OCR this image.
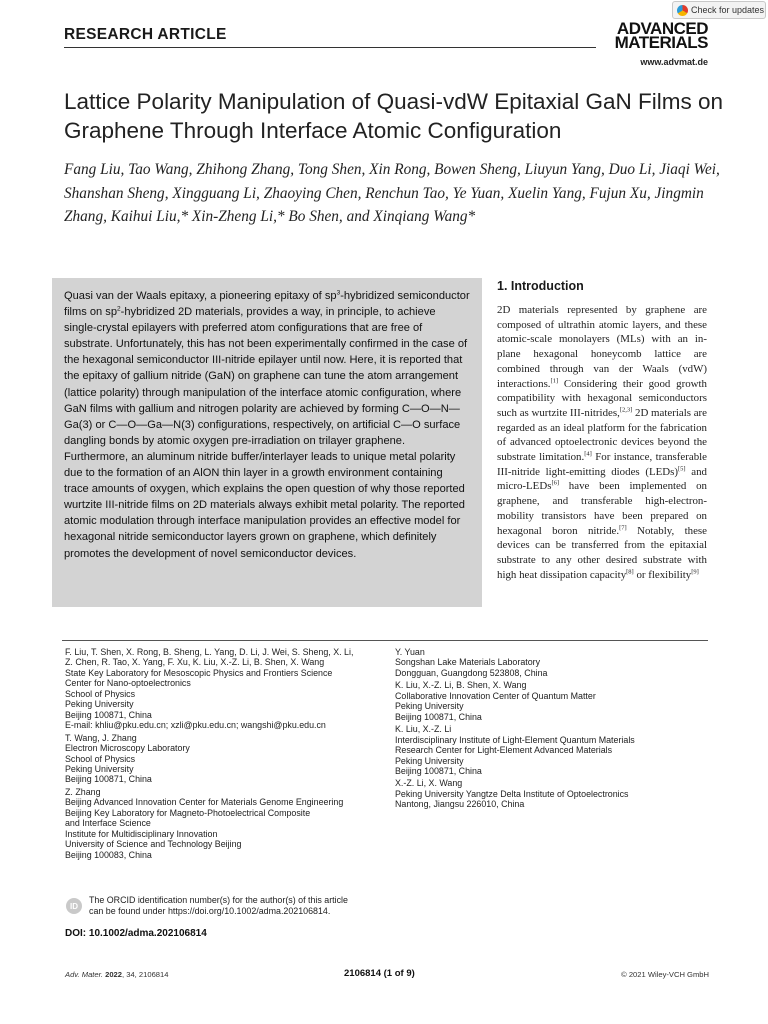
Check for updates
RESEARCH ARTICLE	ADVANCED
MATERIALS
www.advmat.de
Lattice Polarity Manipulation of Quasi-vdW Epitaxial GaN Films on Graphene Through Interface Atomic Configuration
Fang Liu, Tao Wang, Zhihong Zhang, Tong Shen, Xin Rong, Bowen Sheng, Liuyun Yang, Duo Li, Jiaqi Wei, Shanshan Sheng, Xingguang Li, Zhaoying Chen, Renchun Tao, Ye Yuan, Xuelin Yang, Fujun Xu, Jingmin Zhang, Kaihui Liu,* Xin-Zheng Li,* Bo Shen, and Xinqiang Wang*
Quasi van der Waals epitaxy, a pioneering epitaxy of $sp^3$-hybridized semiconductor films on $sp^2$-hybridized 2D materials, provides a way, in principle, to achieve single-crystal epilayers with preferred atom configurations that are free of substrate. Unfortunately, this has not been experimentally confirmed in the case of the hexagonal semiconductor III-nitride epilayer until now. Here, it is reported that the epitaxy of gallium nitride (GaN) on graphene can tune the atom arrangement (lattice polarity) through manipulation of the interface atomic configuration, where GaN films with gallium and nitrogen polarity are achieved by forming C—O—N—Ga(3) or C—O—Ga—N(3) configurations, respectively, on artificial C—O surface dangling bonds by atomic oxygen pre-irradiation on trilayer graphene. Furthermore, an aluminum nitride buffer/interlayer leads to unique metal polarity due to the formation of an AlON thin layer in a growth environment containing trace amounts of oxygen, which explains the open question of why those reported wurtzite III-nitride films on 2D materials always exhibit metal polarity. The reported atomic modulation through interface manipulation provides an effective model for hexagonal nitride semiconductor layers grown on graphene, which definitely promotes the development of novel semiconductor devices.
1. Introduction
2D materials represented by graphene are composed of ultrathin atomic layers, and these atomic-scale monolayers (MLs) with an in-plane hexagonal honeycomb lattice are combined through van der Waals (vdW) interactions.[1] Considering their good growth compatibility with hexagonal semiconductors such as wurtzite III-nitrides,[2,3] 2D materials are regarded as an ideal platform for the fabrication of advanced optoelectronic devices beyond the substrate limitation.[4] For instance, transferable III-nitride light-emitting diodes (LEDs)[5] and micro-LEDs[6] have been implemented on graphene, and transferable high-electron-mobility transistors have been prepared on hexagonal boron nitride.[7] Notably, these devices can be transferred from the epitaxial substrate to any other desired substrate with high heat dissipation capacity[8] or flexibility[9]
F. Liu, T. Shen, X. Rong, B. Sheng, L. Yang, D. Li, J. Wei, S. Sheng, X. Li,
Z. Chen, R. Tao, X. Yang, F. Xu, K. Liu, X.-Z. Li, B. Shen, X. Wang
State Key Laboratory for Mesoscopic Physics and Frontiers Science
Center for Nano-optoelectronics
School of Physics
Peking University
Beijing 100871, China
E-mail: khliu@pku.edu.cn; xzli@pku.edu.cn; wangshi@pku.edu.cn
T. Wang, J. Zhang
Electron Microscopy Laboratory
School of Physics
Peking University
Beijing 100871, China
Z. Zhang
Beijing Advanced Innovation Center for Materials Genome Engineering
Beijing Key Laboratory for Magneto-Photoelectrical Composite
and Interface Science
Institute for Multidisciplinary Innovation
University of Science and Technology Beijing
Beijing 100083, China
Y. Yuan
Songshan Lake Materials Laboratory
Dongguan, Guangdong 523808, China
K. Liu, X.-Z. Li, B. Shen, X. Wang
Collaborative Innovation Center of Quantum Matter
Peking University
Beijing 100871, China
K. Liu, X.-Z. Li
Interdisciplinary Institute of Light-Element Quantum Materials
Research Center for Light-Element Advanced Materials
Peking University
Beijing 100871, China
X.-Z. Li, X. Wang
Peking University Yangtze Delta Institute of Optoelectronics
Nantong, Jiangsu 226010, China
ID
The ORCID identification number(s) for the author(s) of this article
can be found under https://doi.org/10.1002/adma.202106814.
DOI: 10.1002/adma.202106814
Adv. Mater. 2022, 34, 2106814	2106814 (1 of 9)	© 2021 Wiley-VCH GmbH
